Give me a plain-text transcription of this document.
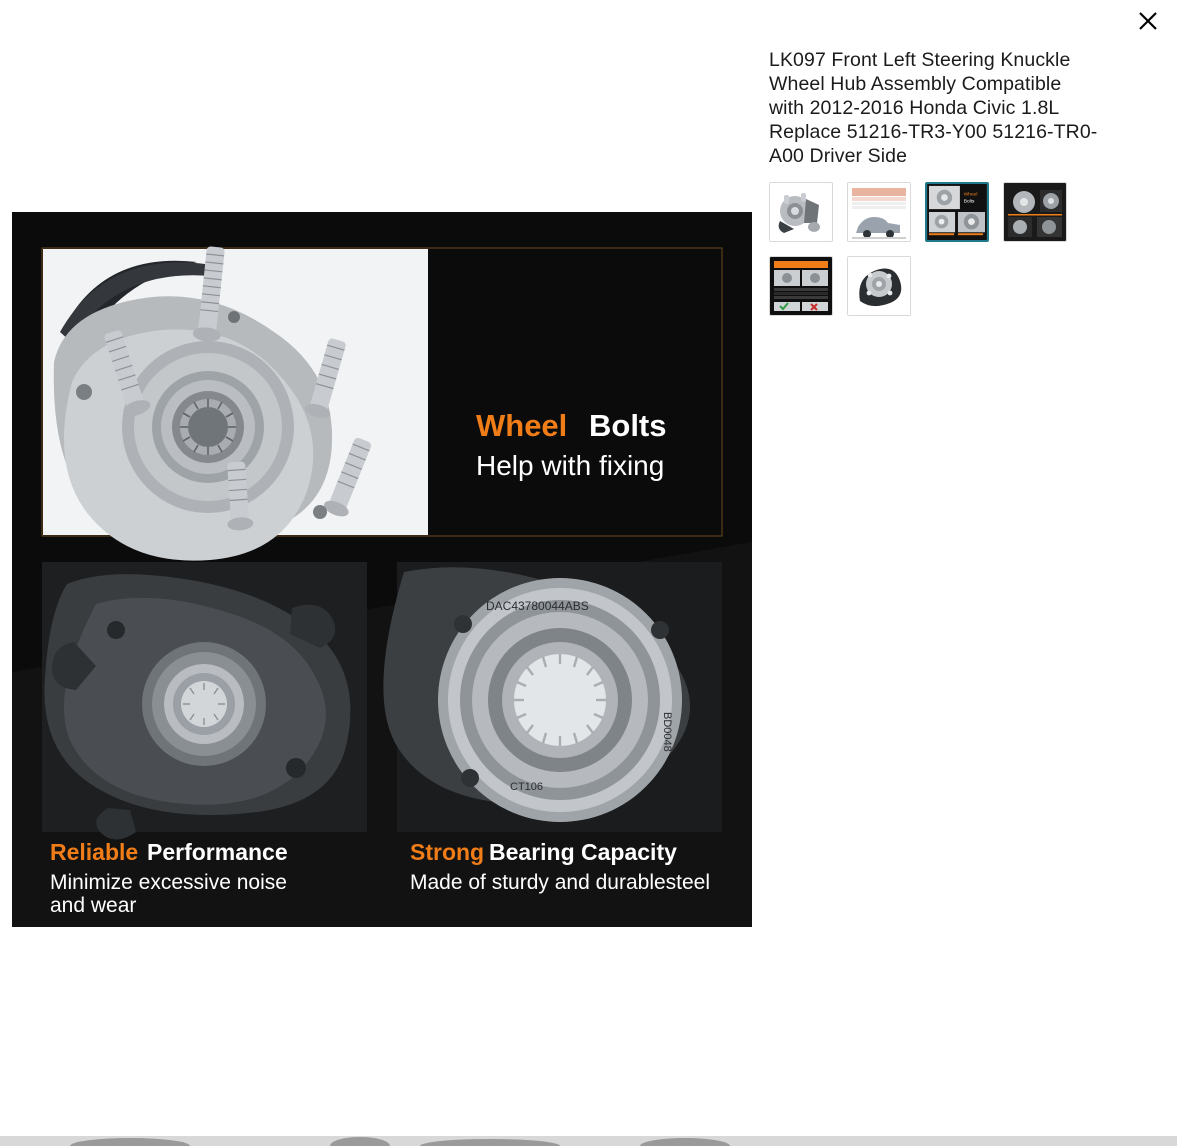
LK097 Front Left Steering Knuckle Wheel Hub Assembly Compatible with 2012-2016 Honda Civic 1.8L Replace 51216-TR3-Y00 51216-TR0-A00 Driver Side
Wheel
Bolts
Wheel Bolts
Help with fixing
Reliable Performance
Minimize excessive noise
and wear
DAC43780044ABS
BD0048
CT106
Strong Bearing Capacity
Made of sturdy and durablesteel
